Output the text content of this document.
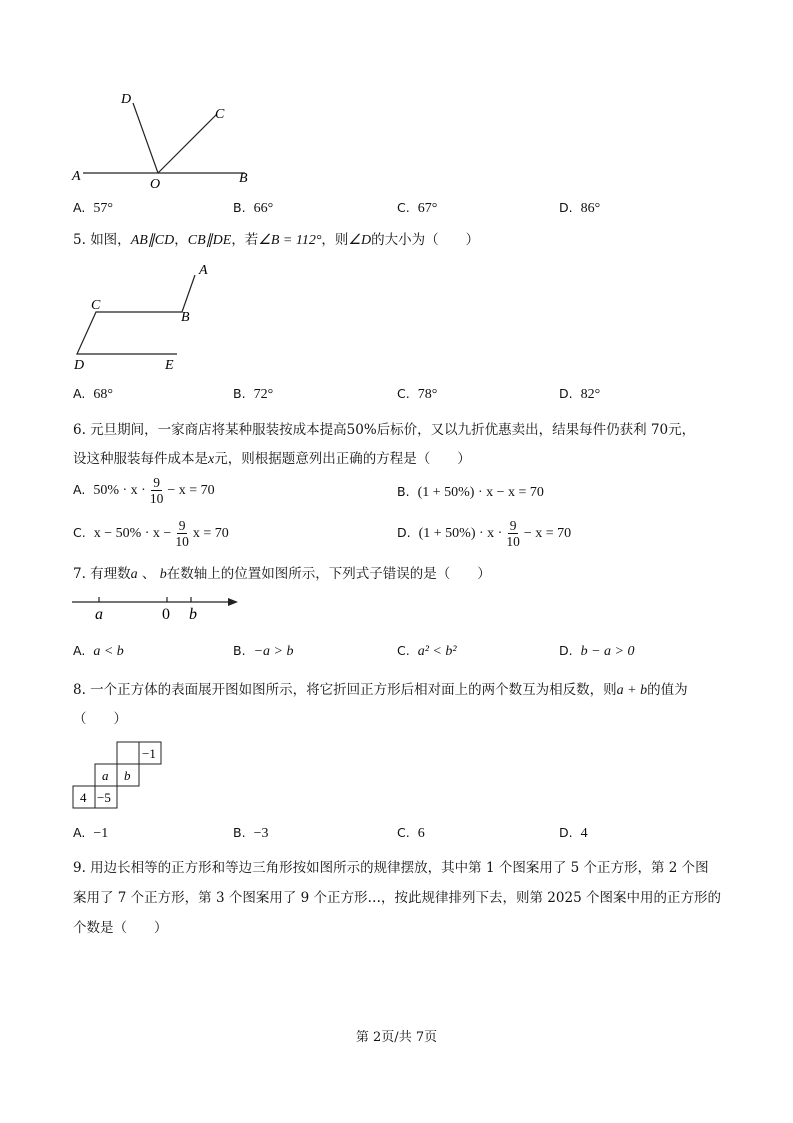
D
C
A
O	B
A. 57°	B. 66°	C. 67°	D. 86°
5. 如图，AB∥CD，CB∥DE，若∠B = 112°，则∠D的大小为（　　）
A
C
B
D	E
A. 68°	B. 72°	C. 78°	D. 82°
6. 元旦期间，一家商店将某种服装按成本提高50%后标价，又以九折优惠卖出，结果每件仍获利 70元，
设这种服装每件成本是x元，则根据题意列出正确的方程是（　　）
A. $50\% \cdot x \cdot \frac{9}{10} - x = 70$	B. (1 + 50%) · x − x = 70
C. $x - 50\% \cdot x - \frac{9}{10}$ x = 70	D. $(1 + 50\%) \cdot x \cdot \frac{9}{10} - x = 70$
7. 有理数a 、 b在数轴上的位置如图所示，下列式子错误的是（　　）
a	0 b
A. a < b	B. −a > b	C. a² < b²	D. b − a > 0
8. 一个正方体的表面展开图如图所示，将它折回正方形后相对面上的两个数互为相反数，则a + b的值为
（　　）
−1
a b
4 −5
A. −1	B. −3	C. 6	D. 4
9. 用边长相等的正方形和等边三角形按如图所示的规律摆放，其中第 1 个图案用了 5 个正方形，第 2 个图
案用了 7 个正方形，第 3 个图案用了 9 个正方形…，按此规律排列下去，则第 2025 个图案中用的正方形的
个数是（　　）
第 2页/共 7页
